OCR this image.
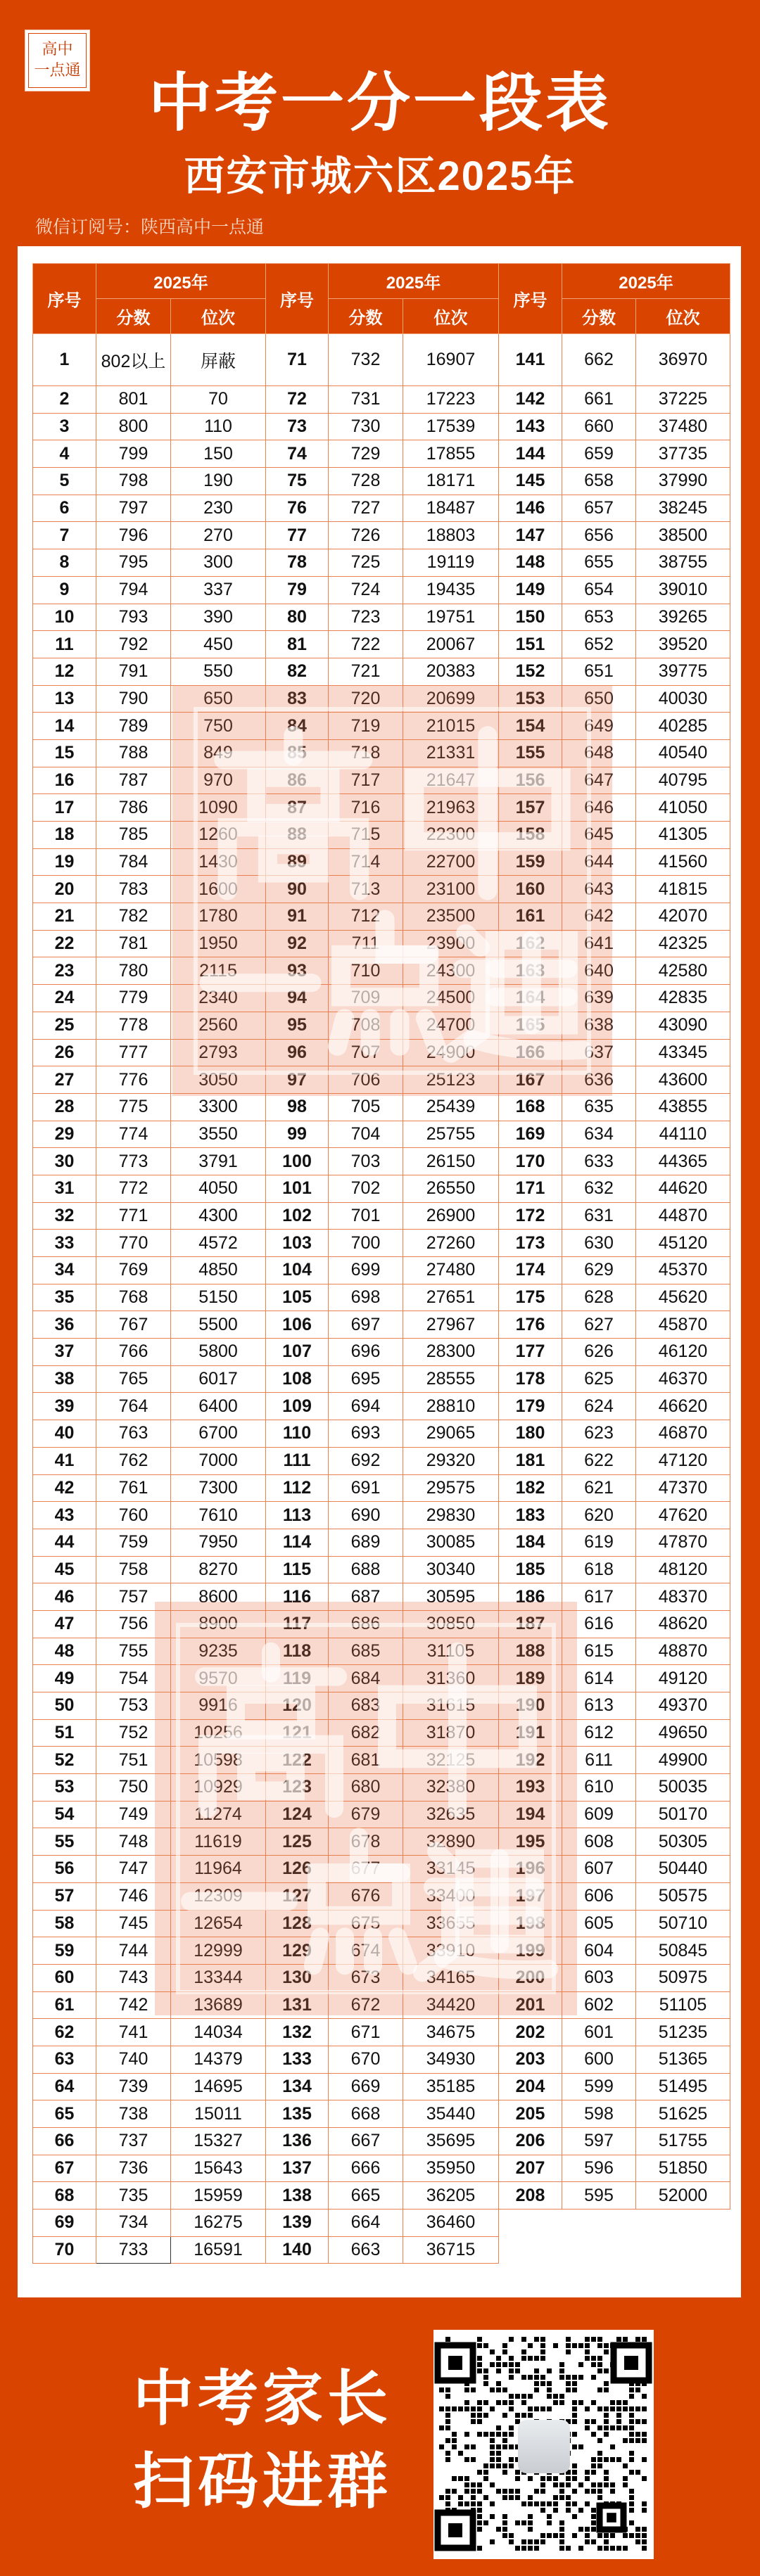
高中
一点通	中考一分一段表
西安市城六区2025年
微信订阅号：陕西高中一点通
序号	2025年		序号	2025年		序号	2025年	
	分数	位次		分数	位次		分数	位次
1	802以上	屏蔽	71	732	16907	141	662	36970
2	801	70	72	731	17223	142	661	37225
3	800	110	73	730	17539	143	660	37480
4	799	150	74	729	17855	144	659	37735
5	798	190	75	728	18171	145	658	37990
6	797	230	76	727	18487	146	657	38245
7	796	270	77	726	18803	147	656	38500
8	795	300	78	725	19119	148	655	38755
9	794	337	79	724	19435	149	654	39010
10	793	390	80	723	19751	150	653	39265
11	792	450	81	722	20067	151	652	39520
12	791	550	82	721	20383	152	651	39775
13	790	650	83	720	20699	153	650	40030
14	789	750	84	719	21015	154	649	40285
15	788	849	85	718	21331	155	648	40540
16	787	970	86	717	21647	156	647	40795
17	786	1090	87	716	21963	157	646	41050
18	785	1260	88	715	22300	158	645	41305
19	784	1430	89	714	22700	159	644	41560
20	783	1600	90	713	23100	160	643	41815
21	782	1780	91	712	23500	161	642	42070
22	781	1950	92	711	23900	162	641	42325
23	780	2115	93	710	24300	163	640	42580
24	779	2340	94	709	24500	164	639	42835
25	778	2560	95	708	24700	165	638	43090
26	777	2793	96	707	24900	166	637	43345
27	776	3050	97	706	25123	167	636	43600
28	775	3300	98	705	25439	168	635	43855
29	774	3550	99	704	25755	169	634	44110
30	773	3791	100	703	26150	170	633	44365
31	772	4050	101	702	26550	171	632	44620
32	771	4300	102	701	26900	172	631	44870
33	770	4572	103	700	27260	173	630	45120
34	769	4850	104	699	27480	174	629	45370
35	768	5150	105	698	27651	175	628	45620
36	767	5500	106	697	27967	176	627	45870
37	766	5800	107	696	28300	177	626	46120
38	765	6017	108	695	28555	178	625	46370
39	764	6400	109	694	28810	179	624	46620
40	763	6700	110	693	29065	180	623	46870
41	762	7000	111	692	29320	181	622	47120
42	761	7300	112	691	29575	182	621	47370
43	760	7610	113	690	29830	183	620	47620
44	759	7950	114	689	30085	184	619	47870
45	758	8270	115	688	30340	185	618	48120
46	757	8600	116	687	30595	186	617	48370
47	756	8900	117	686	30850	187	616	48620
48	755	9235	118	685	31105	188	615	48870
49	754	9570	119	684	31360	189	614	49120
50	753	9916	120	683	31615	190	613	49370
51	752	10256	121	682	31870	191	612	49650
52	751	10598	122	681	32125	192	611	49900
53	750	10929	123	680	32380	193	610	50035
54	749	11274	124	679	32635	194	609	50170
55	748	11619	125	678	32890	195	608	50305
56	747	11964	126	677	33145	196	607	50440
57	746	12309	127	676	33400	197	606	50575
58	745	12654	128	675	33655	198	605	50710
59	744	12999	129	674	33910	199	604	50845
60	743	13344	130	673	34165	200	603	50975
61	742	13689	131	672	34420	201	602	51105
62	741	14034	132	671	34675	202	601	51235
63	740	14379	133	670	34930	203	600	51365
64	739	14695	134	669	35185	204	599	51495
65	738	15011	135	668	35440	205	598	51625
66	737	15327	136	667	35695	206	597	51755
67	736	15643	137	666	35950	207	596	51850
68	735	15959	138	665	36205	208	595	52000
69	734	16275	139	664	36460			
70	733	16591	140	663	36715			
中考家长
扫码进群
